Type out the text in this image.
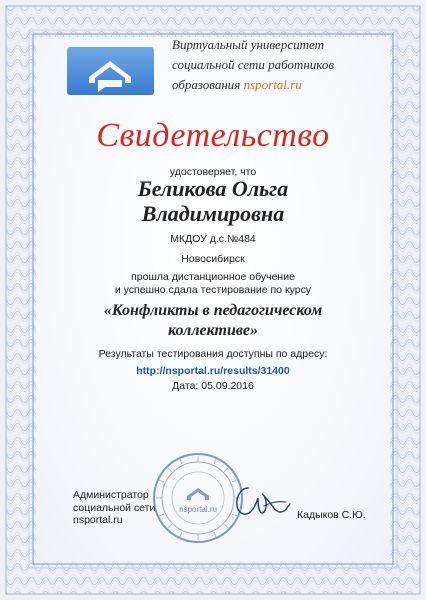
Виртуальный университет
социальной сети работников
образования nsportal.ru
Свидетельство
удостоверяет, что
Беликова Ольга
Владимировна
МКДОУ д.с.№484
Новосибирск
прошла дистанционное обучение
и успешно сдала тестирование по курсу
«Конфликты в педагогическом
коллективе»
Результаты тестирования доступны по адресу:
http://nsportal.ru/results/31400
Дата: 05.09.2016
Администратор
социальной сети
nsportal.ru
nsportal.ru	Кадыков С.Ю.
